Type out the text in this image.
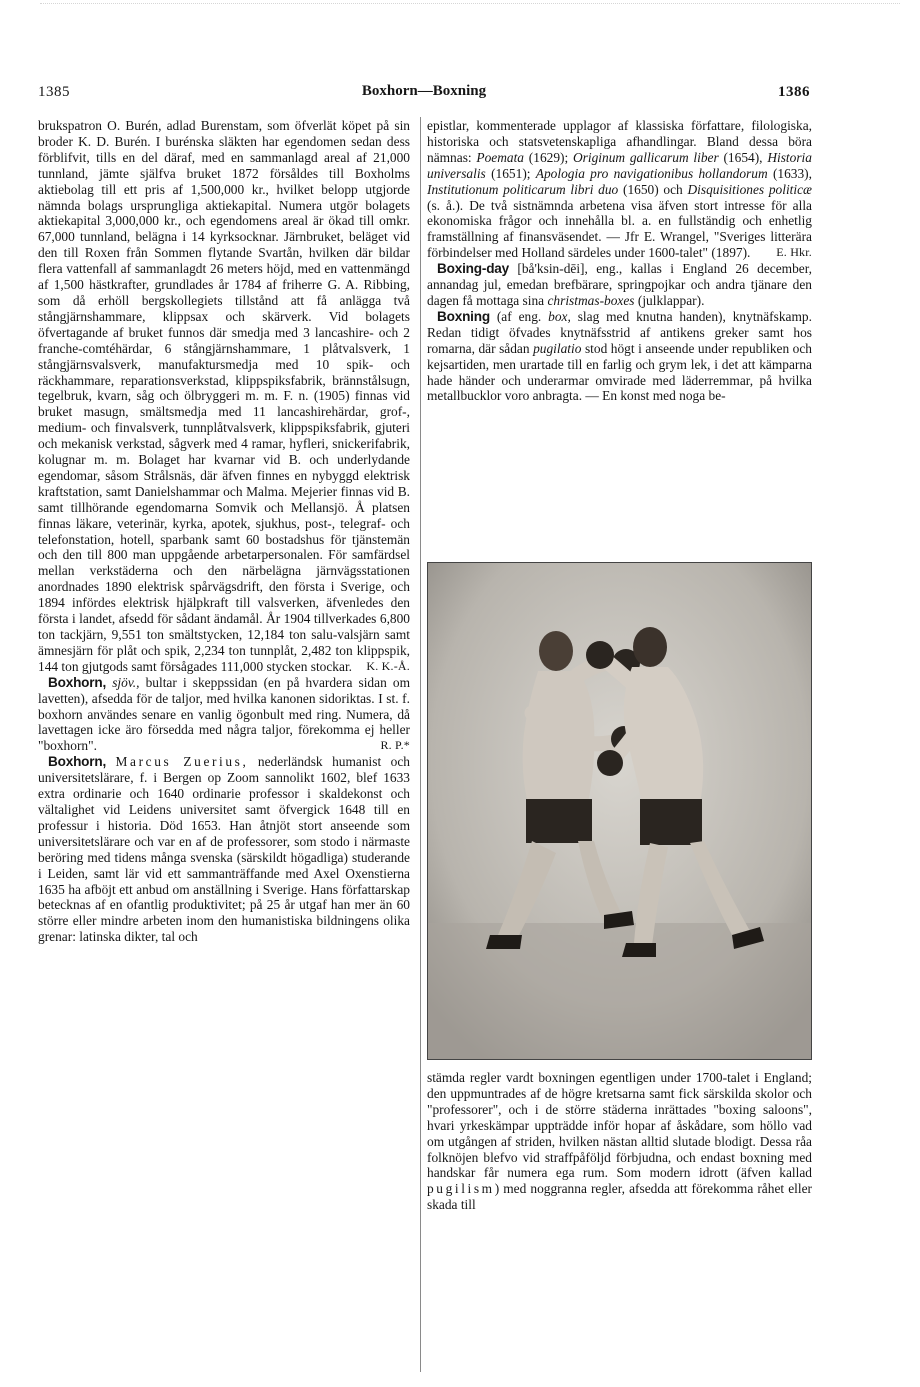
1385	Boxhorn—Boxning	1386

brukspatron O. Burén, adlad Burenstam, som öfverlät köpet på sin broder K. D. Burén. I burénska släkten har egendomen sedan dess förblifvit, tills en del däraf, med en sammanlagd areal af 21,000 tunnland, jämte själfva bruket 1872 försåldes till Boxholms aktiebolag till ett pris af 1,500,000 kr., hvilket belopp utgjorde nämnda bolags ursprungliga aktiekapital. Numera utgör bolagets aktiekapital 3,000,000 kr., och egendomens areal är ökad till omkr. 67,000 tunnland, belägna i 14 kyrksocknar. Järnbruket, beläget vid den till Roxen från Sommen flytande Svartån, hvilken där bildar flera vattenfall af sammanlagdt 26 meters höjd, med en vattenmängd af 1,500 hästkrafter, grundlades år 1784 af friherre G. A. Ribbing, som då erhöll bergskollegiets tillstånd att få anlägga två stångjärnshammare, klippsax och skärverk. Vid bolagets öfvertagande af bruket funnos där smedja med 3 lancashire- och 2 franche-comtéhärdar, 6 stångjärnshammare, 1 plåtvalsverk, 1 stångjärnsvalsverk, manufaktursmedja med 10 spik- och räckhammare, reparationsverkstad, klippspiksfabrik, brännstålsugn, tegelbruk, kvarn, såg och ölbryggeri m. m. F. n. (1905) finnas vid bruket masugn, smältsmedja med 11 lancashirehärdar, grof-, medium- och finvalsverk, tunnplåtvalsverk, klippspiksfabrik, gjuteri och mekanisk verkstad, sågverk med 4 ramar, hyfleri, snickerifabrik, kolugnar m. m. Bolaget har kvarnar vid B. och underlydande egendomar, såsom Strålsnäs, där äfven finnes en nybyggd elektrisk kraftstation, samt Danielshammar och Malma. Mejerier finnas vid B. samt tillhörande egendomarna Somvik och Mellansjö. Å platsen finnas läkare, veterinär, kyrka, apotek, sjukhus, post-, telegraf- och telefonstation, hotell, sparbank samt 60 bostadshus för tjänstemän och den till 800 man uppgående arbetarpersonalen. För samfärdsel mellan verkstäderna och den närbelägna järnvägsstationen anordnades 1890 elektrisk spårvägsdrift, den första i Sverige, och 1894 infördes elektrisk hjälpkraft till valsverken, äfvenledes den första i landet, afsedd för sådant ändamål. År 1904 tillverkades 6,800 ton tackjärn, 9,551 ton smältstycken, 12,184 ton salu-valsjärn samt ämnesjärn för plåt och spik, 2,234 ton tunnplåt, 2,482 ton klippspik, 144 ton gjutgods samt försågades 111,000 stycken stockar.	K. K.-Å.

Boxhorn, sjöv., bultar i skeppssidan (en på hvardera sidan om lavetten), afsedda för de taljor, med hvilka kanonen sidoriktas. I st. f. boxhorn användes senare en vanlig ögonbult med ring. Numera, då lavettagen icke äro försedda med några taljor, förekomma ej heller "boxhorn".	R. P.*

Boxhorn, Marcus Zuerius, nederländsk humanist och universitetslärare, f. i Bergen op Zoom sannolikt 1602, blef 1633 extra ordinarie och 1640 ordinarie professor i skaldekonst och vältalighet vid Leidens universitet samt öfvergick 1648 till en professur i historia. Död 1653. Han åtnjöt stort anseende som universitetslärare och var en af de professorer, som stodo i närmaste beröring med tidens många svenska (särskildt högadliga) studerande i Leiden, samt lär vid ett sammanträffande med Axel Oxenstierna 1635 ha afböjt ett anbud om anställning i Sverige. Hans författarskap betecknas af en ofantlig produktivitet; på 25 år utgaf han mer än 60 större eller mindre arbeten inom den humanistiska bildningens olika grenar: latinska dikter, tal och

epistlar, kommenterade upplagor af klassiska författare, filologiska, historiska och statsvetenskapliga afhandlingar. Bland dessa böra nämnas: Poemata (1629); Originum gallicarum liber (1654), Historia universalis (1651); Apologia pro navigationibus hollandorum (1633), Institutionum politicarum libri duo (1650) och Disquisitiones politicæ (s. å.). De två sistnämnda arbetena visa äfven stort intresse för alla ekonomiska frågor och innehålla bl. a. en fullständig och enhetlig framställning af finansväsendet. — Jfr E. Wrangel, "Sveriges litterära förbindelser med Holland särdeles under 1600-talet" (1897).	E. Hkr.

Boxing-day [bå'ksin-dēi], eng., kallas i England 26 december, annandag jul, emedan brefbärare, springpojkar och andra tjänare den dagen få mottaga sina christmas-boxes (julklappar).

Boxning (af eng. box, slag med knutna handen), knytnäfskamp. Redan tidigt öfvades knytnäfsstrid af antikens greker samt hos romarna, där sådan pugilatio stod högt i anseende under republiken och kejsartiden, men urartade till en farlig och grym lek, i det att kämparna hade händer och underarmar omvirade med läderremmar, på hvilka metallbucklor voro anbragta. — En konst med noga be-

stämda regler vardt boxningen egentligen under 1700-talet i England; den uppmuntrades af de högre kretsarna samt fick särskilda skolor och "professorer", och i de större städerna inrättades "boxing saloons", hvari yrkeskämpar uppträdde inför hopar af åskådare, som höllo vad om utgången af striden, hvilken nästan alltid slutade blodigt. Dessa råa folknöjen blefvo vid straffpåföljd förbjudna, och endast boxning med handskar får numera ega rum. Som modern idrott (äfven kallad pugilism) med noggranna regler, afsedda att förekomma råhet eller skada till
